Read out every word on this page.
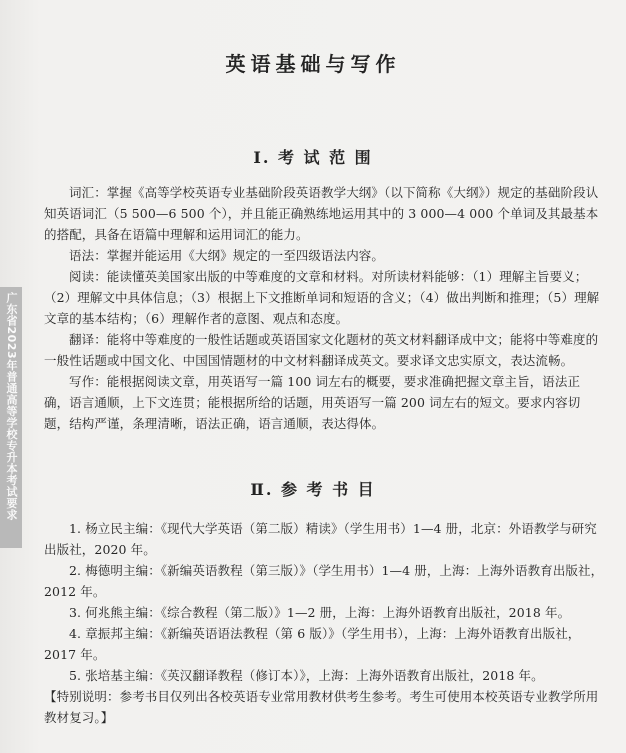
广东省2023年普通高等学校专升本考试要求
英语基础与写作
Ⅰ. 考 试 范 围

词汇：掌握《高等学校英语专业基础阶段英语教学大纲》（以下简称《大纲》）规定的基础阶段认知英语词汇（5 500—6 500 个），并且能正确熟练地运用其中的 3 000—4 000 个单词及其最基本的搭配，具备在语篇中理解和运用词汇的能力。

语法：掌握并能运用《大纲》规定的一至四级语法内容。

阅读：能读懂英美国家出版的中等难度的文章和材料。对所读材料能够：（1）理解主旨要义；（2）理解文中具体信息；（3）根据上下文推断单词和短语的含义；（4）做出判断和推理；（5）理解文章的基本结构；（6）理解作者的意图、观点和态度。

翻译：能将中等难度的一般性话题或英语国家文化题材的英文材料翻译成中文；能将中等难度的一般性话题或中国文化、中国国情题材的中文材料翻译成英文。要求译文忠实原文，表达流畅。

写作：能根据阅读文章，用英语写一篇 100 词左右的概要，要求准确把握文章主旨，语法正确，语言通顺，上下文连贯；能根据所给的话题，用英语写一篇 200 词左右的短文。要求内容切题，结构严谨，条理清晰，语法正确，语言通顺，表达得体。

Ⅱ. 参 考 书 目

1. 杨立民主编：《现代大学英语（第二版）精读》（学生用书）1—4 册，北京：外语教学与研究出版社，2020 年。

2. 梅德明主编：《新编英语教程（第三版）》（学生用书）1—4 册，上海：上海外语教育出版社，2012 年。

3. 何兆熊主编：《综合教程（第二版）》1—2 册，上海：上海外语教育出版社，2018 年。

4. 章振邦主编：《新编英语语法教程（第 6 版）》（学生用书），上海：上海外语教育出版社，2017 年。

5. 张培基主编：《英汉翻译教程（修订本）》，上海：上海外语教育出版社，2018 年。

【特别说明：参考书目仅列出各校英语专业常用教材供考生参考。考生可使用本校英语专业教学所用教材复习。】
